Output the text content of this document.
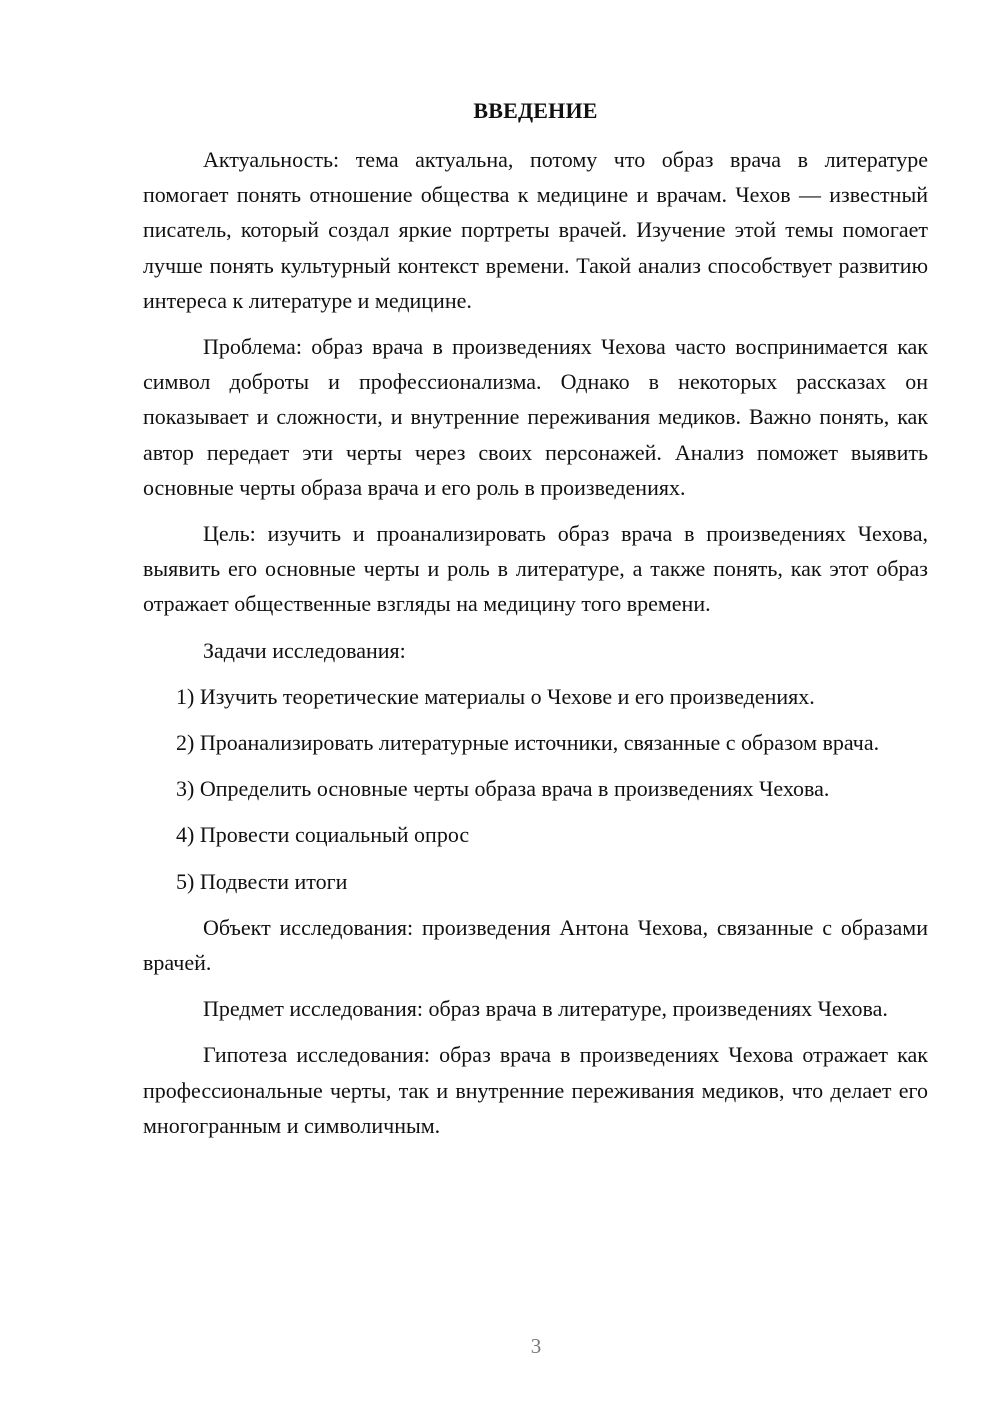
ВВЕДЕНИЕ

Актуальность: тема актуальна, потому что образ врача в литературе помогает понять отношение общества к медицине и врачам. Чехов — известный писатель, который создал яркие портреты врачей. Изучение этой темы помогает лучше понять культурный контекст времени. Такой анализ способствует развитию интереса к литературе и медицине.

Проблема: образ врача в произведениях Чехова часто воспринимается как символ доброты и профессионализма. Однако в некоторых рассказах он показывает и сложности, и внутренние переживания медиков. Важно понять, как автор передает эти черты через своих персонажей. Анализ поможет выявить основные черты образа врача и его роль в произведениях.

Цель: изучить и проанализировать образ врача в произведениях Чехова, выявить его основные черты и роль в литературе, а также понять, как этот образ отражает общественные взгляды на медицину того времени.

Задачи исследования:

1) Изучить теоретические материалы о Чехове и его произведениях.

2) Проанализировать литературные источники, связанные с образом врача.

3) Определить основные черты образа врача в произведениях Чехова.

4) Провести социальный опрос

5) Подвести итоги

Объект исследования: произведения Антона Чехова, связанные с образами врачей.

Предмет исследования: образ врача в литературе, произведениях Чехова.

Гипотеза исследования: образ врача в произведениях Чехова отражает как профессиональные черты, так и внутренние переживания медиков, что делает его многогранным и символичным.

3
